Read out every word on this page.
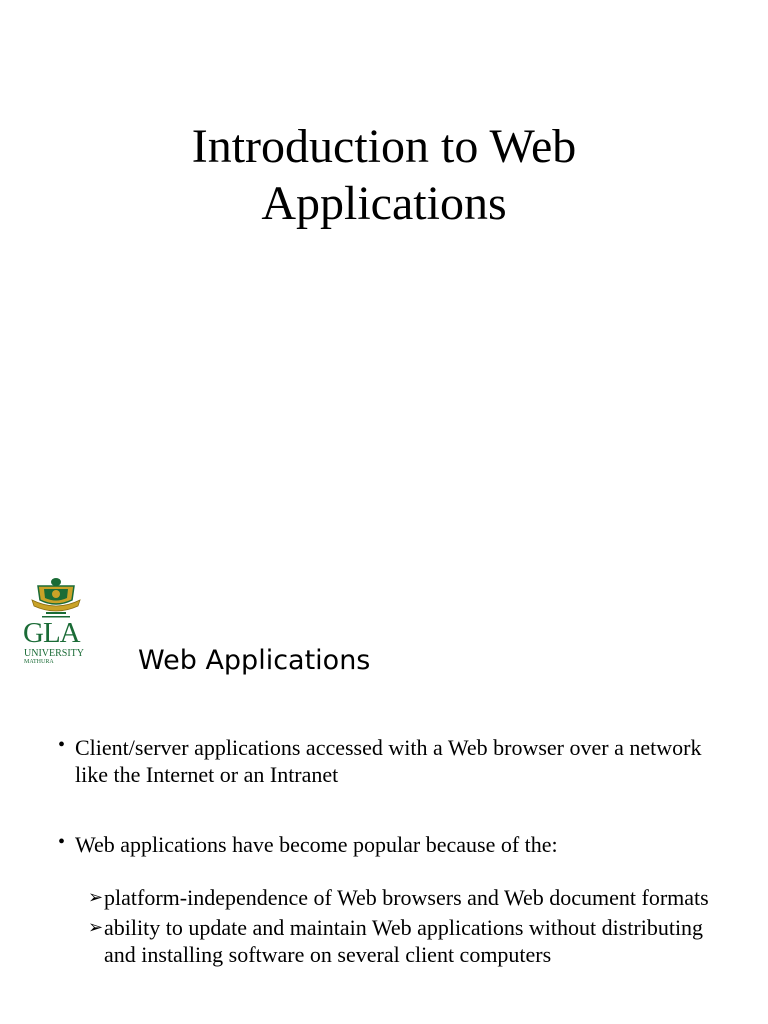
Introduction to Web
Applications
GLA
UNIVERSITY
MATHURA	Web Applications

• Client/server applications accessed with a Web browser over a network like the Internet or an Intranet

• Web applications have become popular because of the:

➢ platform-independence of Web browsers and Web document formats

➢ ability to update and maintain Web applications without distributing and installing software on several client computers
